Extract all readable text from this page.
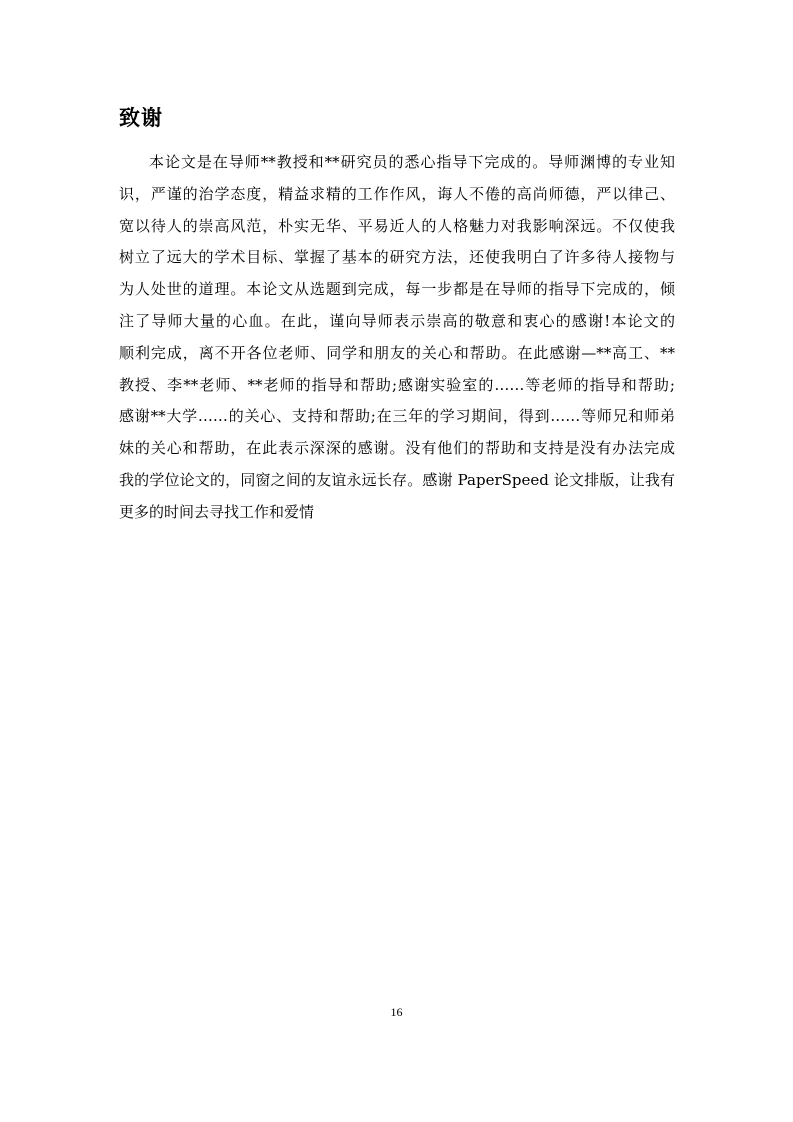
致谢
本论文是在导师**教授和**研究员的悉心指导下完成的。导师渊博的专业知
识，严谨的治学态度，精益求精的工作作风，诲人不倦的高尚师德，严以律己、
宽以待人的崇高风范，朴实无华、平易近人的人格魅力对我影响深远。不仅使我
树立了远大的学术目标、掌握了基本的研究方法，还使我明白了许多待人接物与
为人处世的道理。本论文从选题到完成，每一步都是在导师的指导下完成的，倾
注了导师大量的心血。在此，谨向导师表示崇高的敬意和衷心的感谢!本论文的
顺利完成，离不开各位老师、同学和朋友的关心和帮助。在此感谢—**高工、**
教授、李**老师、**老师的指导和帮助;感谢实验室的……等老师的指导和帮助;
感谢**大学……的关心、支持和帮助;在三年的学习期间，得到……等师兄和师弟
妹的关心和帮助，在此表示深深的感谢。没有他们的帮助和支持是没有办法完成
我的学位论文的，同窗之间的友谊永远长存。感谢 PaperSpeed 论文排版，让我有
更多的时间去寻找工作和爱情
16
